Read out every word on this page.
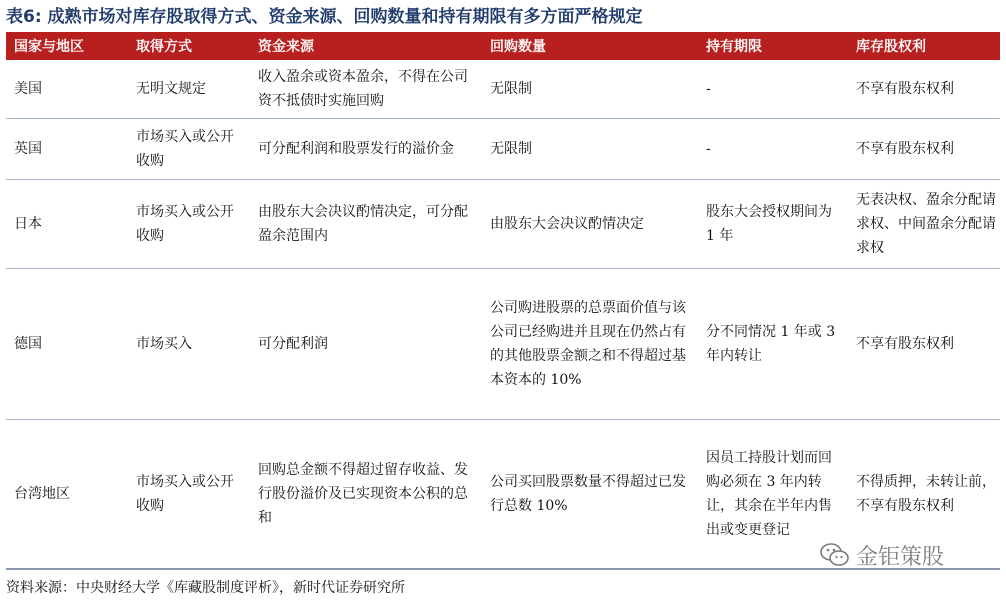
表6: 成熟市场对库存股取得方式、资金来源、回购数量和持有期限有多方面严格规定
国家与地区	取得方式	资金来源	回购数量	持有期限	库存股权利
美国	无明文规定	收入盈余或资本盈余，不得在公司资不抵债时实施回购	无限制	-	不享有股东权利
英国	市场买入或公开收购	可分配利润和股票发行的溢价金	无限制	-	不享有股东权利
日本	市场买入或公开收购	由股东大会决议酌情决定，可分配盈余范围内	由股东大会决议酌情决定	股东大会授权期间为 1 年	无表决权、盈余分配请求权、中间盈余分配请求权
德国	市场买入	可分配利润	公司购进股票的总票面价值与该公司已经购进并且现在仍然占有的其他股票金额之和不得超过基本资本的 10%	分不同情况 1 年或 3 年内转让	不享有股东权利
台湾地区	市场买入或公开收购	回购总金额不得超过留存收益、发行股份溢价及已实现资本公积的总和	公司买回股票数量不得超过已发行总数 10%	因员工持股计划而回购必须在 3 年内转让，其余在半年内售出或变更登记	不得质押，未转让前，不享有股东权利
资料来源：中央财经大学《库藏股制度评析》，新时代证券研究所
金钜策股
